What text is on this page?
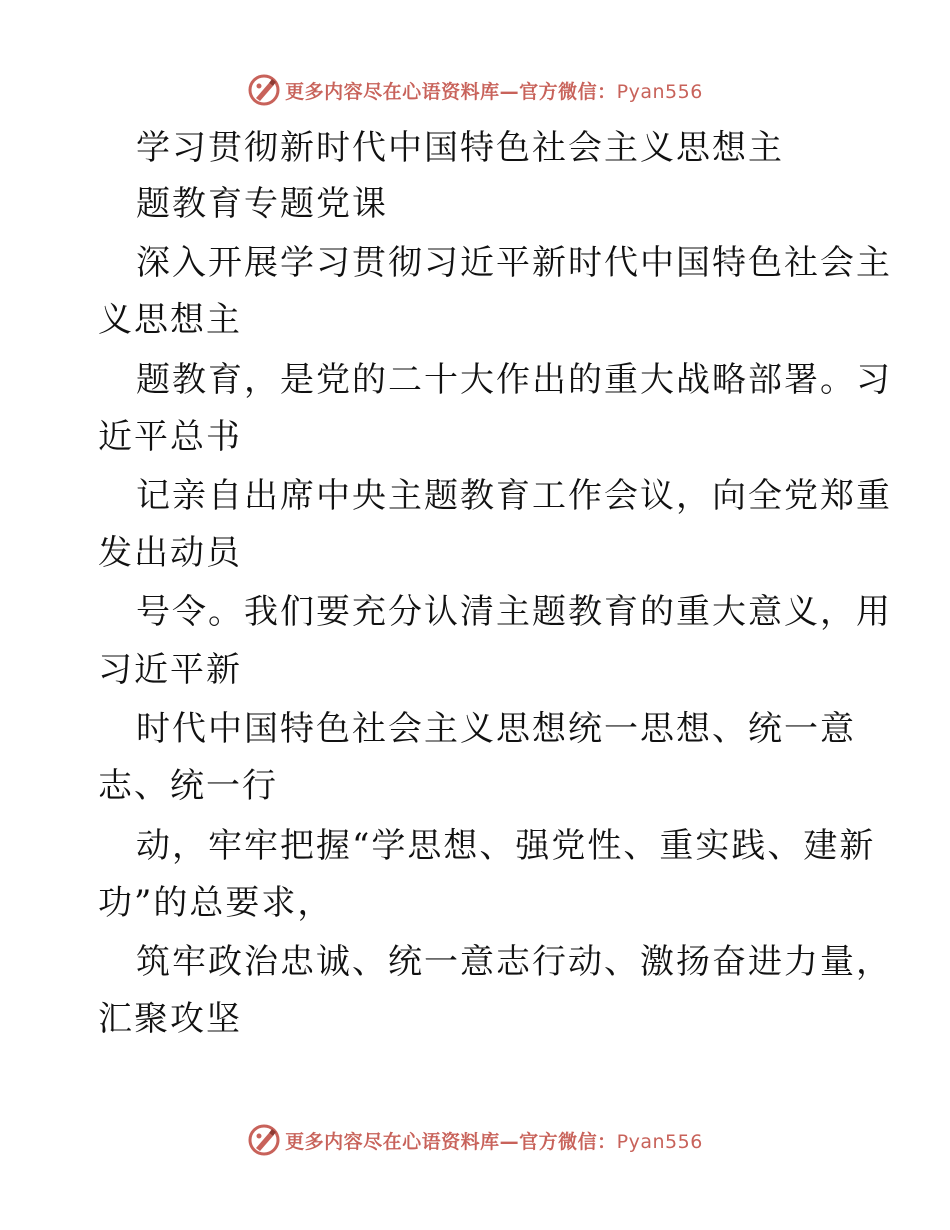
更多内容尽在心语资料库—官方微信：Pyan556
学习贯彻新时代中国特色社会主义思想主
题教育专题党课
深入开展学习贯彻习近平新时代中国特色社会主
义思想主
题教育，是党的二十大作出的重大战略部署。习
近平总书
记亲自出席中央主题教育工作会议，向全党郑重
发出动员
号令。我们要充分认清主题教育的重大意义，用
习近平新
时代中国特色社会主义思想统一思想、统一意
志、统一行
动，牢牢把握“学思想、强党性、重实践、建新
功”的总要求，
筑牢政治忠诚、统一意志行动、激扬奋进力量，
汇聚攻坚
更多内容尽在心语资料库—官方微信：Pyan556
